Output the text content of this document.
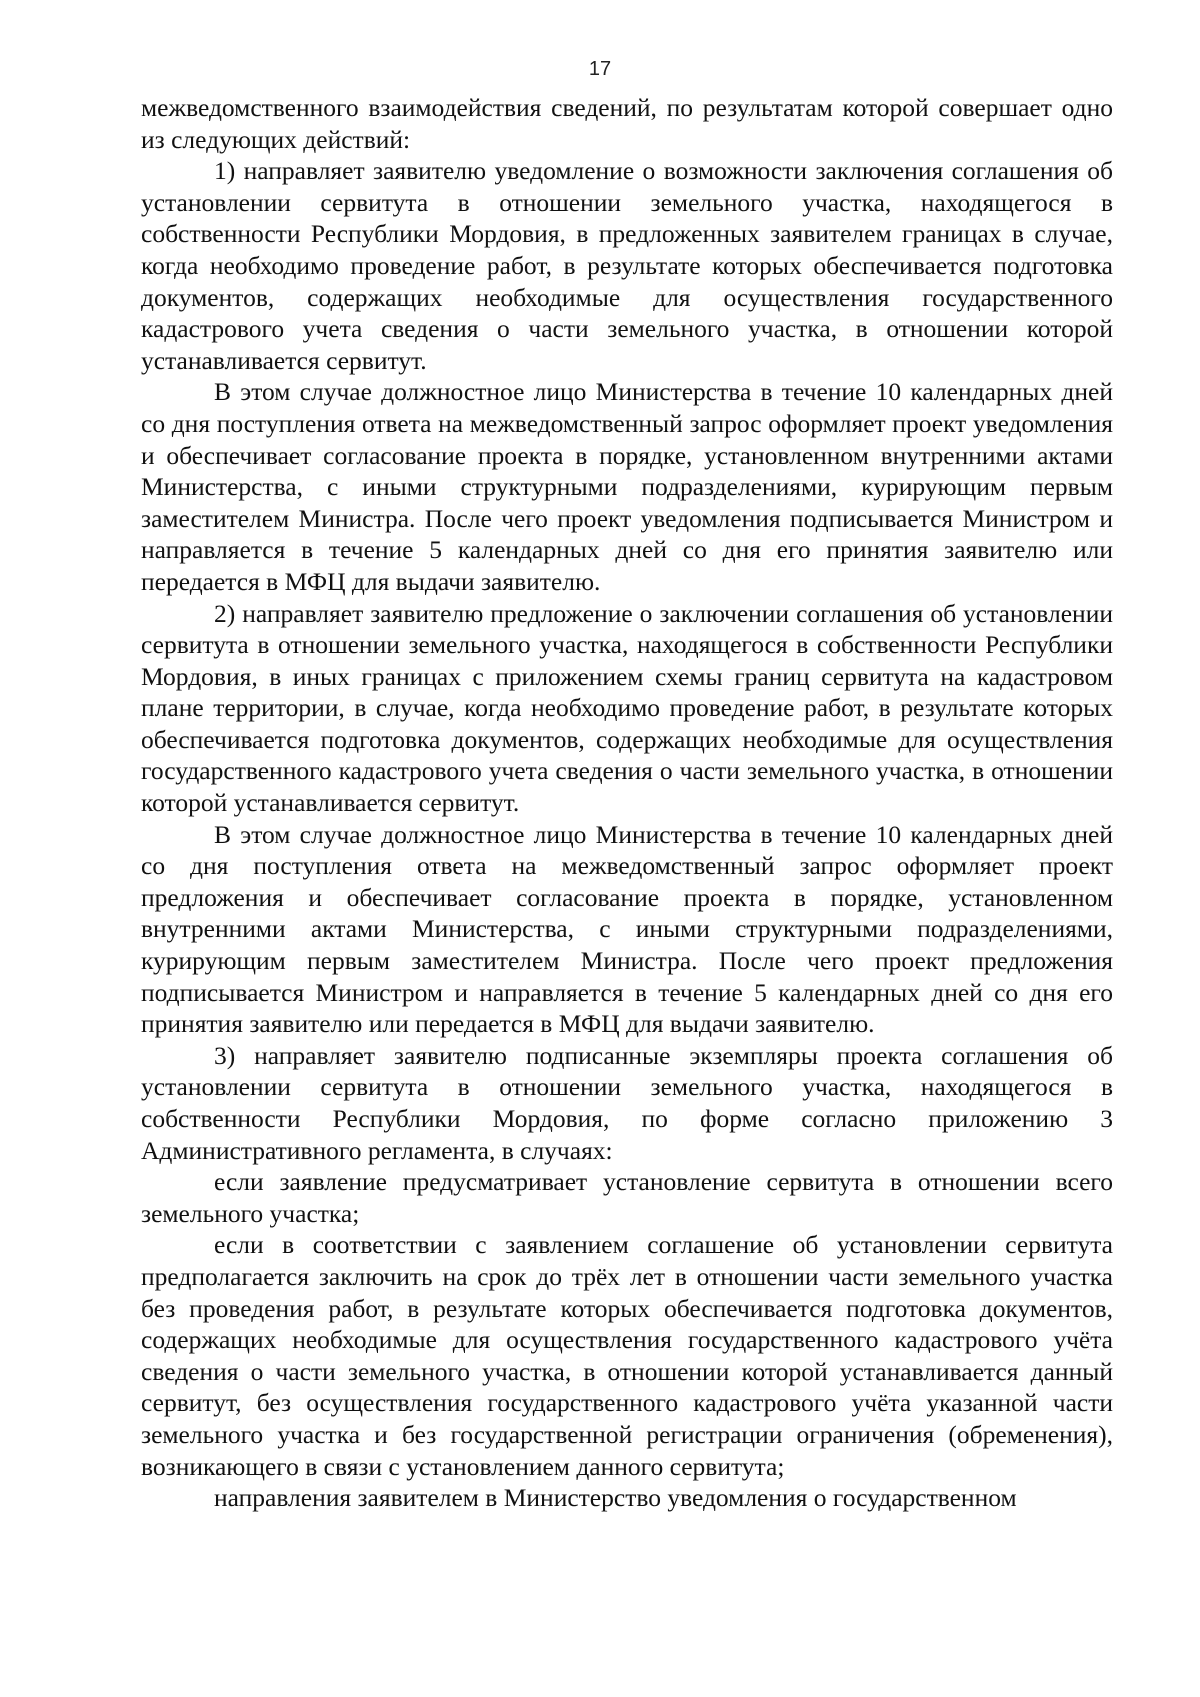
17

межведомственного взаимодействия сведений, по результатам которой совершает одно из следующих действий:

1) направляет заявителю уведомление о возможности заключения соглашения об установлении сервитута в отношении земельного участка, находящегося в собственности Республики Мордовия, в предложенных заявителем границах в случае, когда необходимо проведение работ, в результате которых обеспечивается подготовка документов, содержащих необходимые для осуществления государственного кадастрового учета сведения о части земельного участка, в отношении которой устанавливается сервитут.

В этом случае должностное лицо Министерства в течение 10 календарных дней со дня поступления ответа на межведомственный запрос оформляет проект уведомления и обеспечивает согласование проекта в порядке, установленном внутренними актами Министерства, с иными структурными подразделениями, курирующим первым заместителем Министра. После чего проект уведомления подписывается Министром и направляется в течение 5 календарных дней со дня его принятия заявителю или передается в МФЦ для выдачи заявителю.

2) направляет заявителю предложение о заключении соглашения об установлении сервитута в отношении земельного участка, находящегося в собственности Республики Мордовия, в иных границах с приложением схемы границ сервитута на кадастровом плане территории, в случае, когда необходимо проведение работ, в результате которых обеспечивается подготовка документов, содержащих необходимые для осуществления государственного кадастрового учета сведения о части земельного участка, в отношении которой устанавливается сервитут.

В этом случае должностное лицо Министерства в течение 10 календарных дней со дня поступления ответа на межведомственный запрос оформляет проект предложения и обеспечивает согласование проекта в порядке, установленном внутренними актами Министерства, с иными структурными подразделениями, курирующим первым заместителем Министра. После чего проект предложения подписывается Министром и направляется в течение 5 календарных дней со дня его принятия заявителю или передается в МФЦ для выдачи заявителю.

3) направляет заявителю подписанные экземпляры проекта соглашения об установлении сервитута в отношении земельного участка, находящегося в собственности Республики Мордовия, по форме согласно приложению 3 Административного регламента, в случаях:

если заявление предусматривает установление сервитута в отношении всего земельного участка;

если в соответствии с заявлением соглашение об установлении сервитута предполагается заключить на срок до трёх лет в отношении части земельного участка без проведения работ, в результате которых обеспечивается подготовка документов, содержащих необходимые для осуществления государственного кадастрового учёта сведения о части земельного участка, в отношении которой устанавливается данный сервитут, без осуществления государственного кадастрового учёта указанной части земельного участка и без государственной регистрации ограничения (обременения), возникающего в связи с установлением данного сервитута;

направления заявителем в Министерство уведомления о государственном
